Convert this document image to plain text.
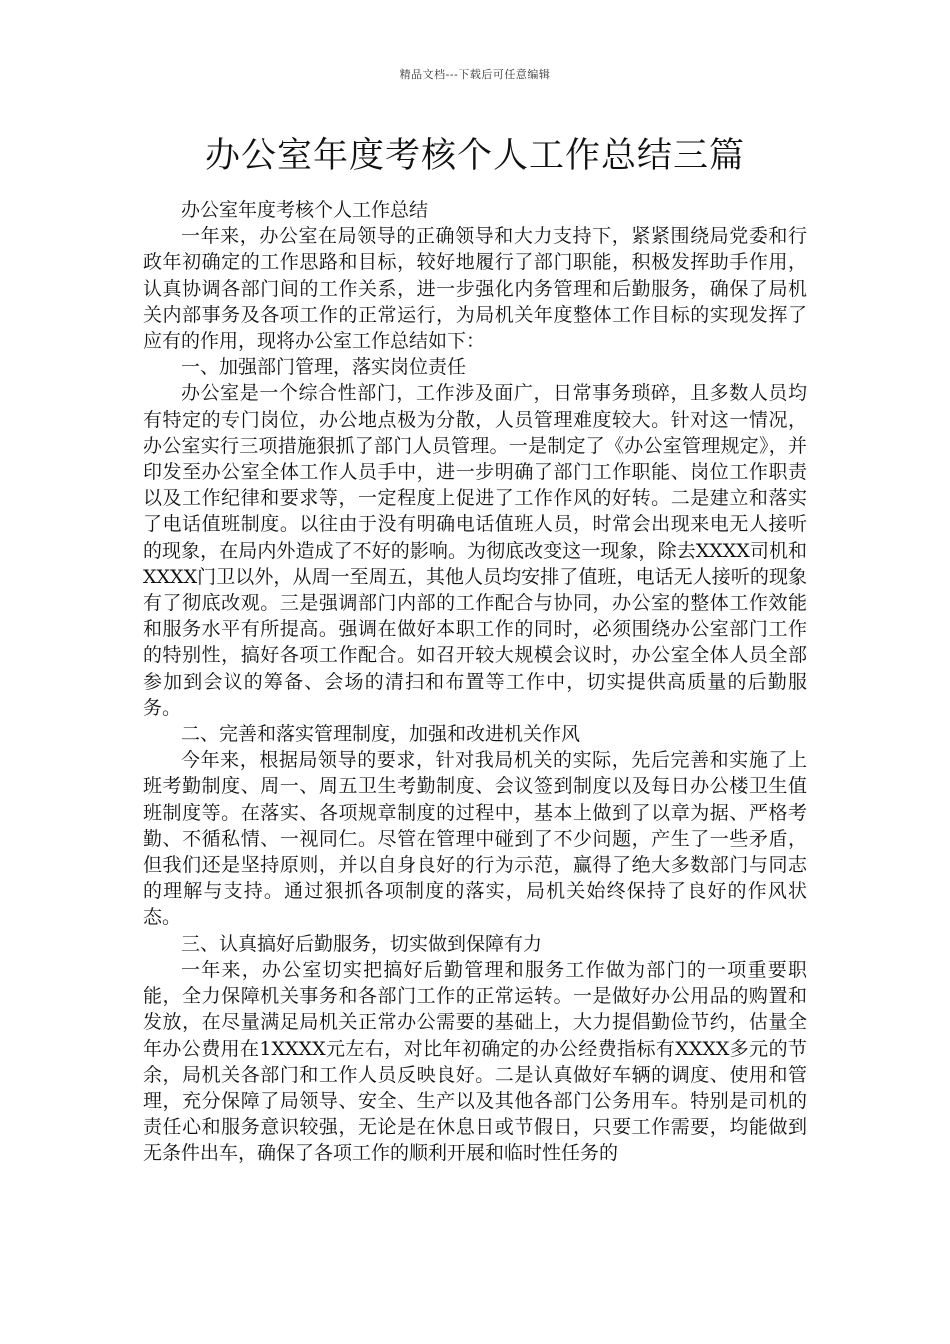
精品文档---下载后可任意编辑
办公室年度考核个人工作总结三篇

办公室年度考核个人工作总结

一年来，办公室在局领导的正确领导和大力支持下，紧紧围绕局党委和行政年初确定的工作思路和目标，较好地履行了部门职能，积极发挥助手作用，认真协调各部门间的工作关系，进一步强化内务管理和后勤服务，确保了局机关内部事务及各项工作的正常运行，为局机关年度整体工作目标的实现发挥了应有的作用，现将办公室工作总结如下：

一、加强部门管理，落实岗位责任

办公室是一个综合性部门，工作涉及面广，日常事务琐碎，且多数人员均有特定的专门岗位，办公地点极为分散，人员管理难度较大。针对这一情况，办公室实行三项措施狠抓了部门人员管理。一是制定了《办公室管理规定》，并印发至办公室全体工作人员手中，进一步明确了部门工作职能、岗位工作职责以及工作纪律和要求等，一定程度上促进了工作作风的好转。二是建立和落实了电话值班制度。以往由于没有明确电话值班人员，时常会出现来电无人接听的现象，在局内外造成了不好的影响。为彻底改变这一现象，除去XXXX司机和XXXX门卫以外，从周一至周五，其他人员均安排了值班，电话无人接听的现象有了彻底改观。三是强调部门内部的工作配合与协同，办公室的整体工作效能和服务水平有所提高。强调在做好本职工作的同时，必须围绕办公室部门工作的特别性，搞好各项工作配合。如召开较大规模会议时，办公室全体人员全部参加到会议的筹备、会场的清扫和布置等工作中，切实提供高质量的后勤服务。

二、完善和落实管理制度，加强和改进机关作风

今年来，根据局领导的要求，针对我局机关的实际，先后完善和实施了上班考勤制度、周一、周五卫生考勤制度、会议签到制度以及每日办公楼卫生值班制度等。在落实、各项规章制度的过程中，基本上做到了以章为据、严格考勤、不循私情、一视同仁。尽管在管理中碰到了不少问题，产生了一些矛盾，但我们还是坚持原则，并以自身良好的行为示范，赢得了绝大多数部门与同志的理解与支持。通过狠抓各项制度的落实，局机关始终保持了良好的作风状态。

三、认真搞好后勤服务，切实做到保障有力

一年来，办公室切实把搞好后勤管理和服务工作做为部门的一项重要职能，全力保障机关事务和各部门工作的正常运转。一是做好办公用品的购置和发放，在尽量满足局机关正常办公需要的基础上，大力提倡勤俭节约，估量全年办公费用在1XXXX元左右，对比年初确定的办公经费指标有XXXX多元的节余，局机关各部门和工作人员反映良好。二是认真做好车辆的调度、使用和管理，充分保障了局领导、安全、生产以及其他各部门公务用车。特别是司机的责任心和服务意识较强，无论是在休息日或节假日，只要工作需要，均能做到无条件出车，确保了各项工作的顺利开展和临时性任务的
